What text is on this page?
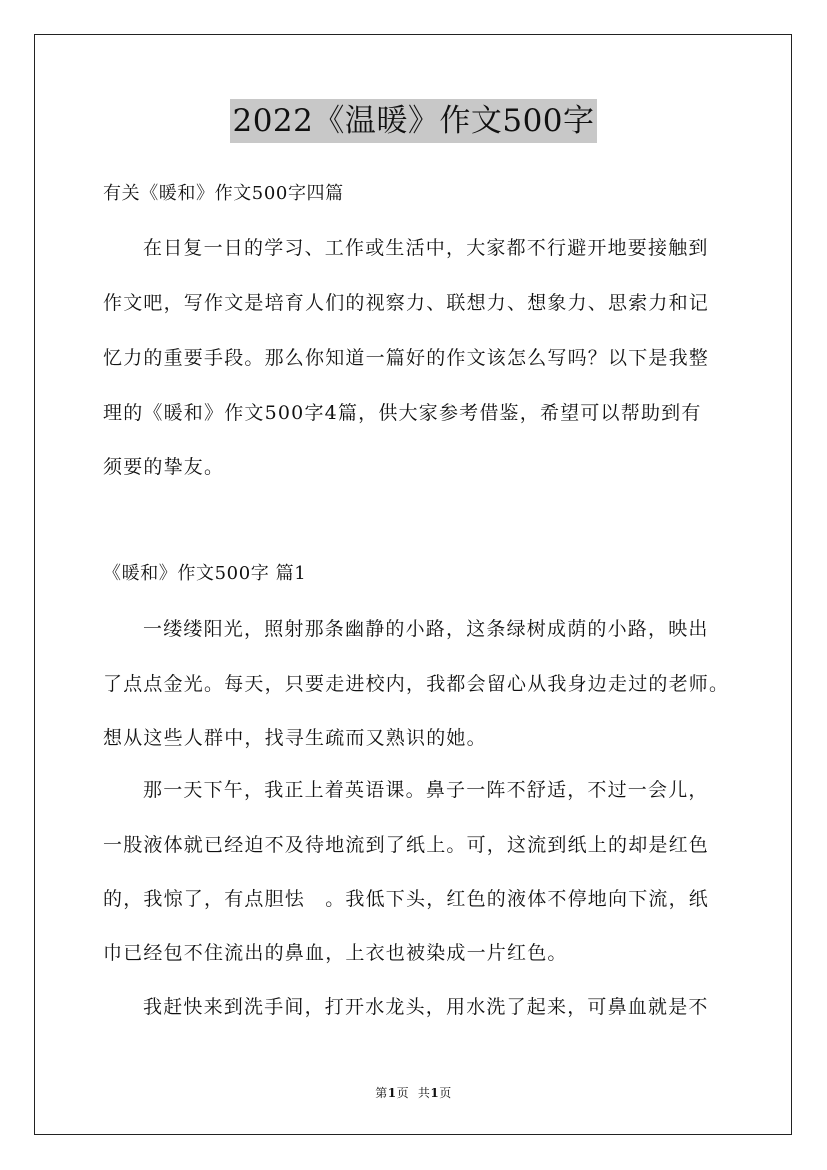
2022《温暖》作文500字
有关《暖和》作文500字四篇
在日复一日的学习、工作或生活中，大家都不行避开地要接触到
作文吧，写作文是培育人们的视察力、联想力、想象力、思索力和记
忆力的重要手段。那么你知道一篇好的作文该怎么写吗？以下是我整
理的《暖和》作文500字4篇，供大家参考借鉴，希望可以帮助到有
须要的挚友。
《暖和》作文500字 篇1
一缕缕阳光，照射那条幽静的小路，这条绿树成荫的小路，映出
了点点金光。每天，只要走进校内，我都会留心从我身边走过的老师。
想从这些人群中，找寻生疏而又熟识的她。
那一天下午，我正上着英语课。鼻子一阵不舒适，不过一会儿，
一股液体就已经迫不及待地流到了纸上。可，这流到纸上的却是红色
的，我惊了，有点胆怯　。我低下头，红色的液体不停地向下流，纸
巾已经包不住流出的鼻血，上衣也被染成一片红色。
我赶快来到洗手间，打开水龙头，用水洗了起来，可鼻血就是不
第1页 共1页
